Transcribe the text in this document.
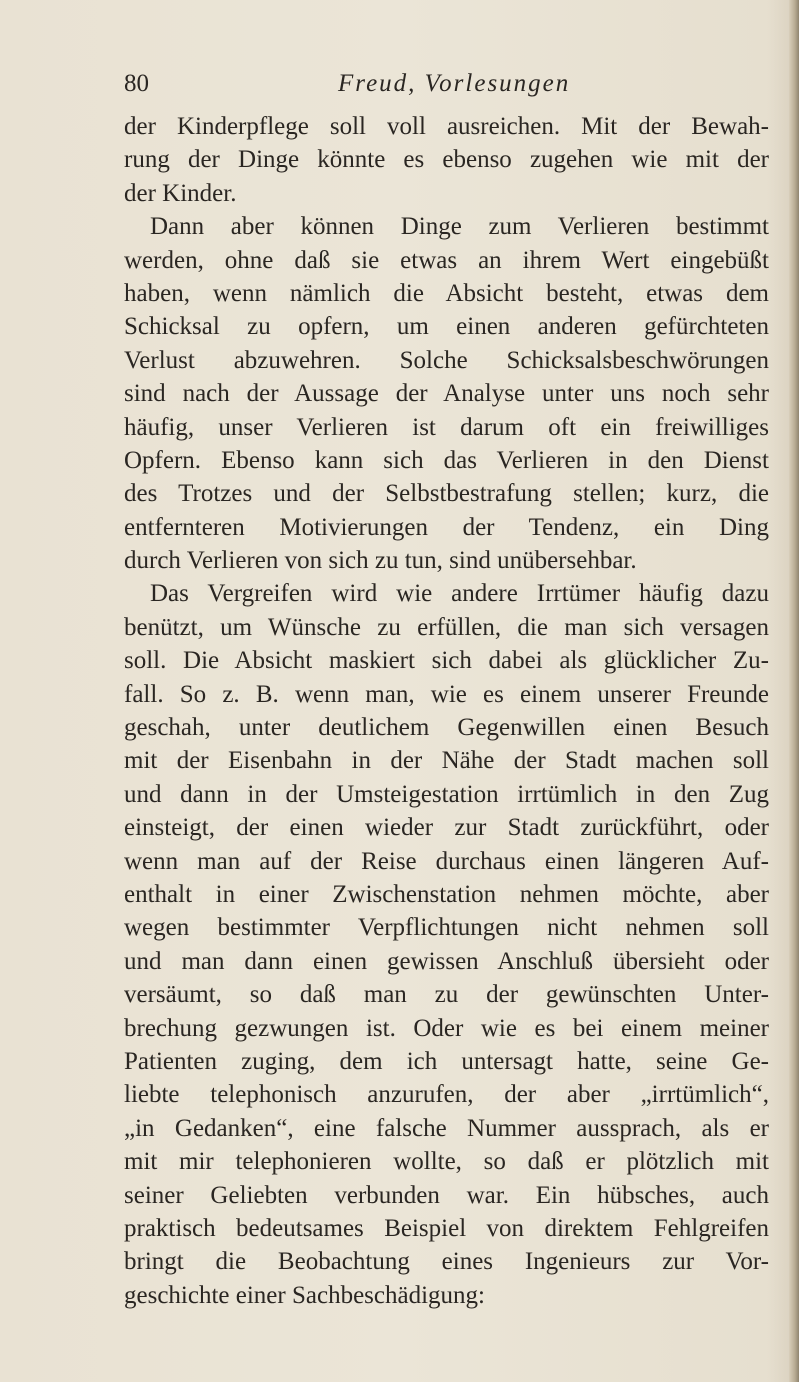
80	Freud, Vorlesungen
der Kinderpflege soll voll ausreichen. Mit der Bewah-
rung der Dinge könnte es ebenso zugehen wie mit der
der Kinder.
Dann aber können Dinge zum Verlieren bestimmt
werden, ohne daß sie etwas an ihrem Wert eingebüßt
haben, wenn nämlich die Absicht besteht, etwas dem
Schicksal zu opfern, um einen anderen gefürchteten
Verlust abzuwehren. Solche Schicksalsbeschwörungen
sind nach der Aussage der Analyse unter uns noch sehr
häufig, unser Verlieren ist darum oft ein freiwilliges
Opfern. Ebenso kann sich das Verlieren in den Dienst
des Trotzes und der Selbstbestrafung stellen; kurz, die
entfernteren Motivierungen der Tendenz, ein Ding
durch Verlieren von sich zu tun, sind unübersehbar.
Das Vergreifen wird wie andere Irrtümer häufig dazu
benützt, um Wünsche zu erfüllen, die man sich versagen
soll. Die Absicht maskiert sich dabei als glücklicher Zu-
fall. So z. B. wenn man, wie es einem unserer Freunde
geschah, unter deutlichem Gegenwillen einen Besuch
mit der Eisenbahn in der Nähe der Stadt machen soll
und dann in der Umsteigestation irrtümlich in den Zug
einsteigt, der einen wieder zur Stadt zurückführt, oder
wenn man auf der Reise durchaus einen längeren Auf-
enthalt in einer Zwischenstation nehmen möchte, aber
wegen bestimmter Verpflichtungen nicht nehmen soll
und man dann einen gewissen Anschluß übersieht oder
versäumt, so daß man zu der gewünschten Unter-
brechung gezwungen ist. Oder wie es bei einem meiner
Patienten zuging, dem ich untersagt hatte, seine Ge-
liebte telephonisch anzurufen, der aber „irrtümlich“,
„in Gedanken“, eine falsche Nummer aussprach, als er
mit mir telephonieren wollte, so daß er plötzlich mit
seiner Geliebten verbunden war. Ein hübsches, auch
praktisch bedeutsames Beispiel von direktem Fehlgreifen
bringt die Beobachtung eines Ingenieurs zur Vor-
geschichte einer Sachbeschädigung:
